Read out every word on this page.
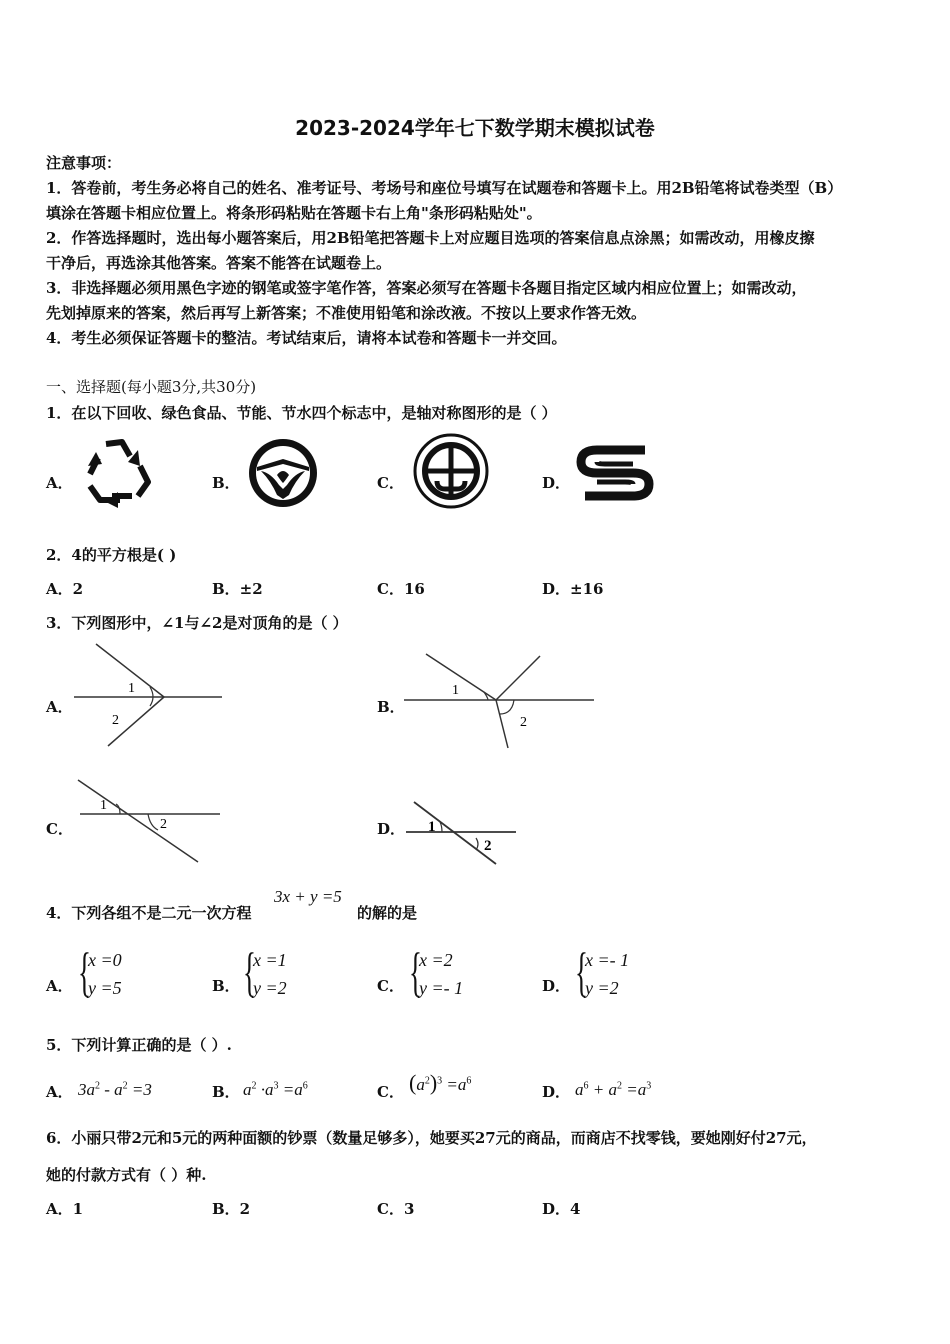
2023-2024学年七下数学期末模拟试卷
注意事项：
1．答卷前，考生务必将自己的姓名、准考证号、考场号和座位号填写在试题卷和答题卡上。用2B铅笔将试卷类型（B）
填涂在答题卡相应位置上。将条形码粘贴在答题卡右上角"条形码粘贴处"。
2．作答选择题时，选出每小题答案后，用2B铅笔把答题卡上对应题目选项的答案信息点涂黑；如需改动，用橡皮擦
干净后，再选涂其他答案。答案不能答在试题卷上。
3．非选择题必须用黑色字迹的钢笔或签字笔作答，答案必须写在答题卡各题目指定区域内相应位置上；如需改动，
先划掉原来的答案，然后再写上新答案；不准使用铅笔和涂改液。不按以上要求作答无效。
4．考生必须保证答题卡的整洁。考试结束后，请将本试卷和答题卡一并交回。
一、选择题(每小题3分,共30分)
1．在以下回收、绿色食品、节能、节水四个标志中，是轴对称图形的是（ ）
A．	B．	C．	D．
2．4的平方根是( )
A．2	B．±2	C．16	D．±16
3．下列图形中，∠1与∠2是对顶角的是（ ）
A．	B．
C．	D．
1
2
1
2
1
2	1
2
4．下列各组不是二元一次方程
3x + y =5
的解的是
A．	B．	C．	D．
{
x =0
y =5 {
x =1
y =2 {
x =2
y =- 1 {
x =- 1
y =2
5．下列计算正确的是（ ）.
A．	B．	C．	D．
$3a^2 - a^2 =3$	$a^2 \cdot a^3 =a^6$	$(a^2)^3 =a^6$	$a^6 + a^2 =a^3$
6．小丽只带2元和5元的两种面额的钞票（数量足够多），她要买27元的商品，而商店不找零钱，要她刚好付27元，
她的付款方式有（ ）种.
A．1	B．2	C．3	D．4
